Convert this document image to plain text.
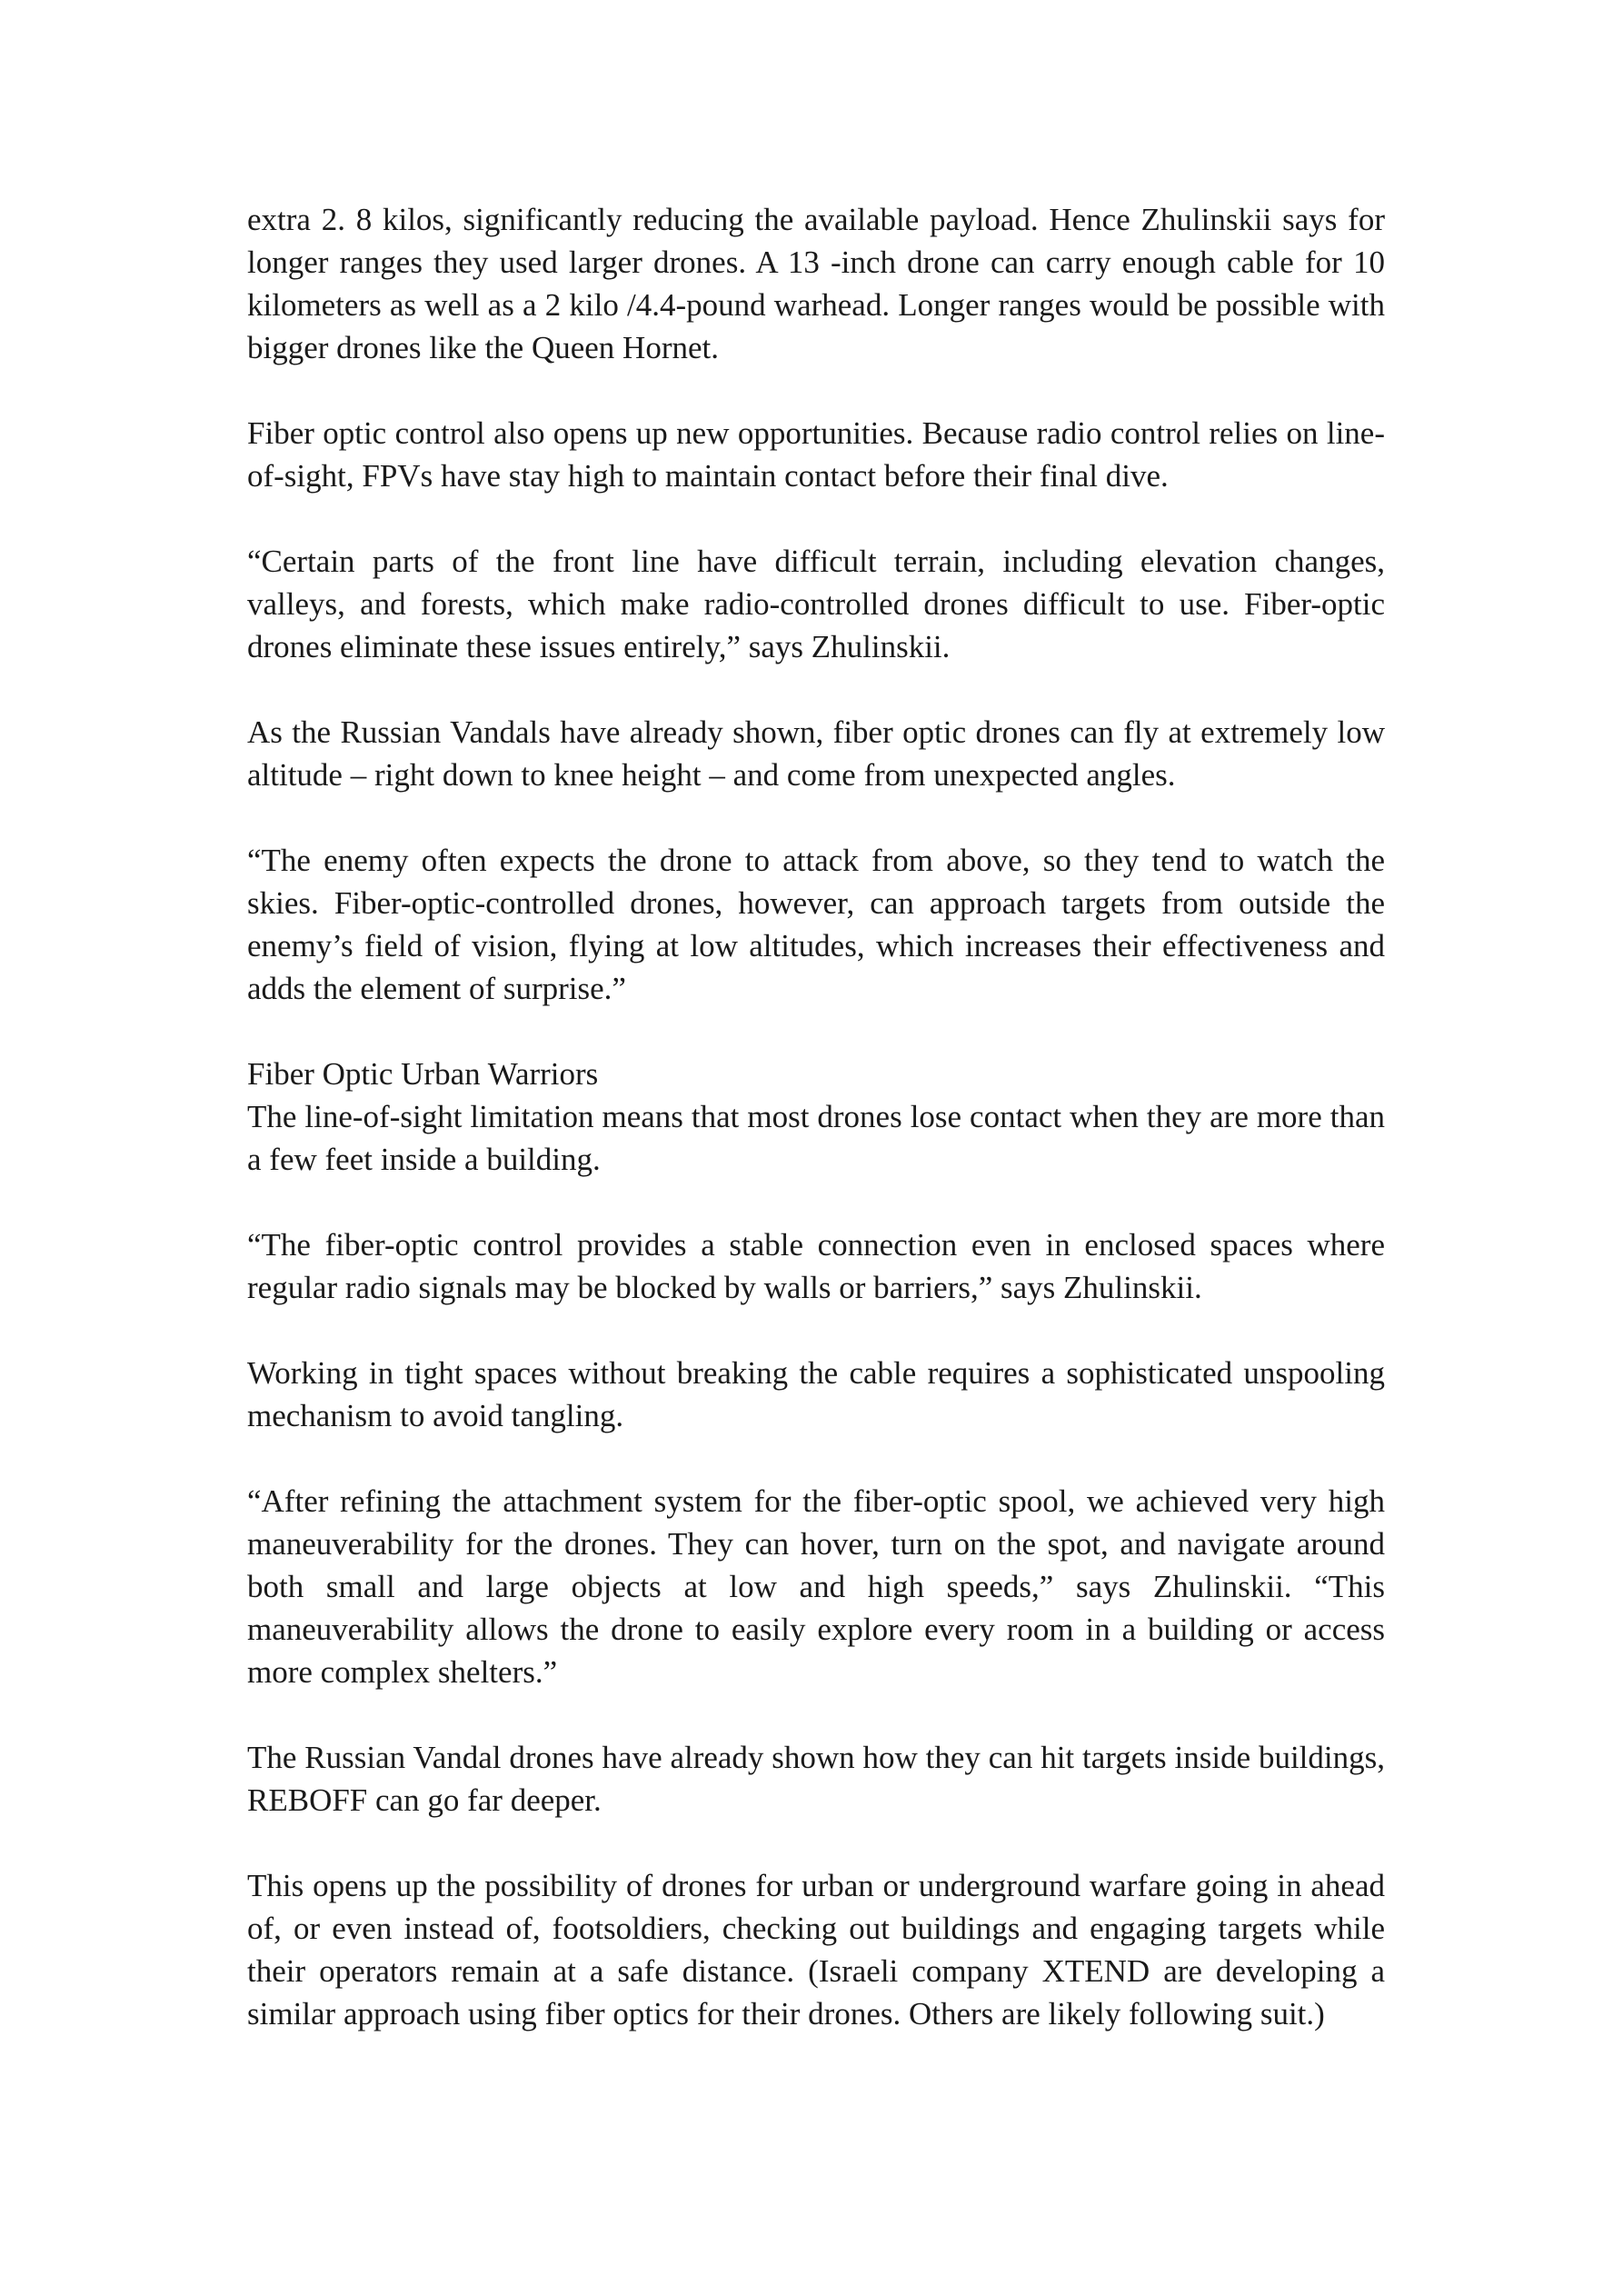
extra 2. 8 kilos, significantly reducing the available payload. Hence Zhulinskii says for longer ranges they used larger drones. A 13 -inch drone can carry enough cable for 10 kilometers as well as a 2 kilo /4.4-pound warhead. Longer ranges would be possible with bigger drones like the Queen Hornet.

Fiber optic control also opens up new opportunities. Because radio control relies on line-of-sight, FPVs have stay high to maintain contact before their final dive.

“Certain parts of the front line have difficult terrain, including elevation changes, valleys, and forests, which make radio-controlled drones difficult to use. Fiber-optic drones eliminate these issues entirely,” says Zhulinskii.

As the Russian Vandals have already shown, fiber optic drones can fly at extremely low altitude – right down to knee height – and come from unexpected angles.

“The enemy often expects the drone to attack from above, so they tend to watch the skies. Fiber-optic-controlled drones, however, can approach targets from outside the enemy’s field of vision, flying at low altitudes, which increases their effectiveness and adds the element of surprise.”

Fiber Optic Urban Warriors

The line-of-sight limitation means that most drones lose contact when they are more than a few feet inside a building.

“The fiber-optic control provides a stable connection even in enclosed spaces where regular radio signals may be blocked by walls or barriers,” says Zhulinskii.

Working in tight spaces without breaking the cable requires a sophisticated unspooling mechanism to avoid tangling.

“After refining the attachment system for the fiber-optic spool, we achieved very high maneuverability for the drones. They can hover, turn on the spot, and navigate around both small and large objects at low and high speeds,” says Zhulinskii. “This maneuverability allows the drone to easily explore every room in a building or access more complex shelters.”

The Russian Vandal drones have already shown how they can hit targets inside buildings, REBOFF can go far deeper.

This opens up the possibility of drones for urban or underground warfare going in ahead of, or even instead of, footsoldiers, checking out buildings and engaging targets while their operators remain at a safe distance. (Israeli company XTEND are developing a similar approach using fiber optics for their drones. Others are likely following suit.)
